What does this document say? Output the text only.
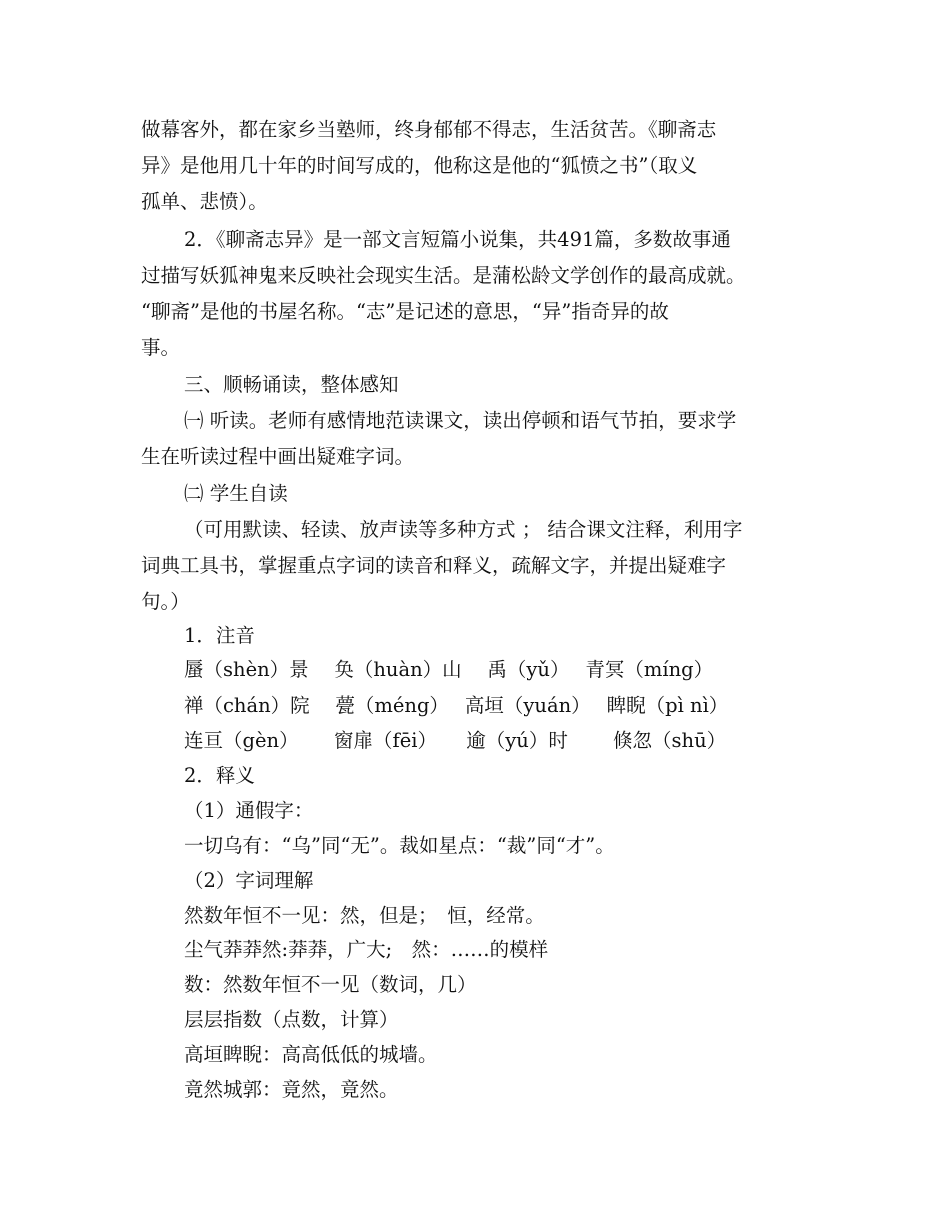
做幕客外，都在家乡当塾师，终身郁郁不得志，生活贫苦。《聊斋志
异》是他用几十年的时间写成的，他称这是他的“狐愤之书”（取义
孤单、悲愤）。
2．《聊斋志异》是一部文言短篇小说集，共491篇，多数故事通
过描写妖狐神鬼来反映社会现实生活。是蒲松龄文学创作的最高成就。
“聊斋”是他的书屋名称。“志”是记述的意思，“异”指奇异的故
事。
三、顺畅诵读，整体感知
㈠ 听读。老师有感情地范读课文，读出停顿和语气节拍，要求学
生在听读过程中画出疑难字词。
㈡ 学生自读
（可用默读、轻读、放声读等多种方式 ； 结合课文注释，利用字
词典工具书，掌握重点字词的读音和释义，疏解文字，并提出疑难字
句。）
1．注音
蜃（shèn）景　 奂（huàn）山　 禹（yǔ）　 青冥（míng）
禅（chán）院　 甍（méng）　 高垣（yuán）　 睥睨（pì nì）
连亘（gèn）　　 窗扉（fēi）　　逾（yú）时　　 倏忽（shū）
2．释义
（1）通假字：
一切乌有：“乌”同“无”。裁如星点：“裁”同“才”。
（2）字词理解
然数年恒不一见：然，但是；　恒，经常。
尘气莽莽然:莽莽，广大;　然：……的模样
数：然数年恒不一见（数词，几）
层层指数（点数，计算）
高垣睥睨：高高低低的城墙。
竟然城郭：竟然，竟然。
